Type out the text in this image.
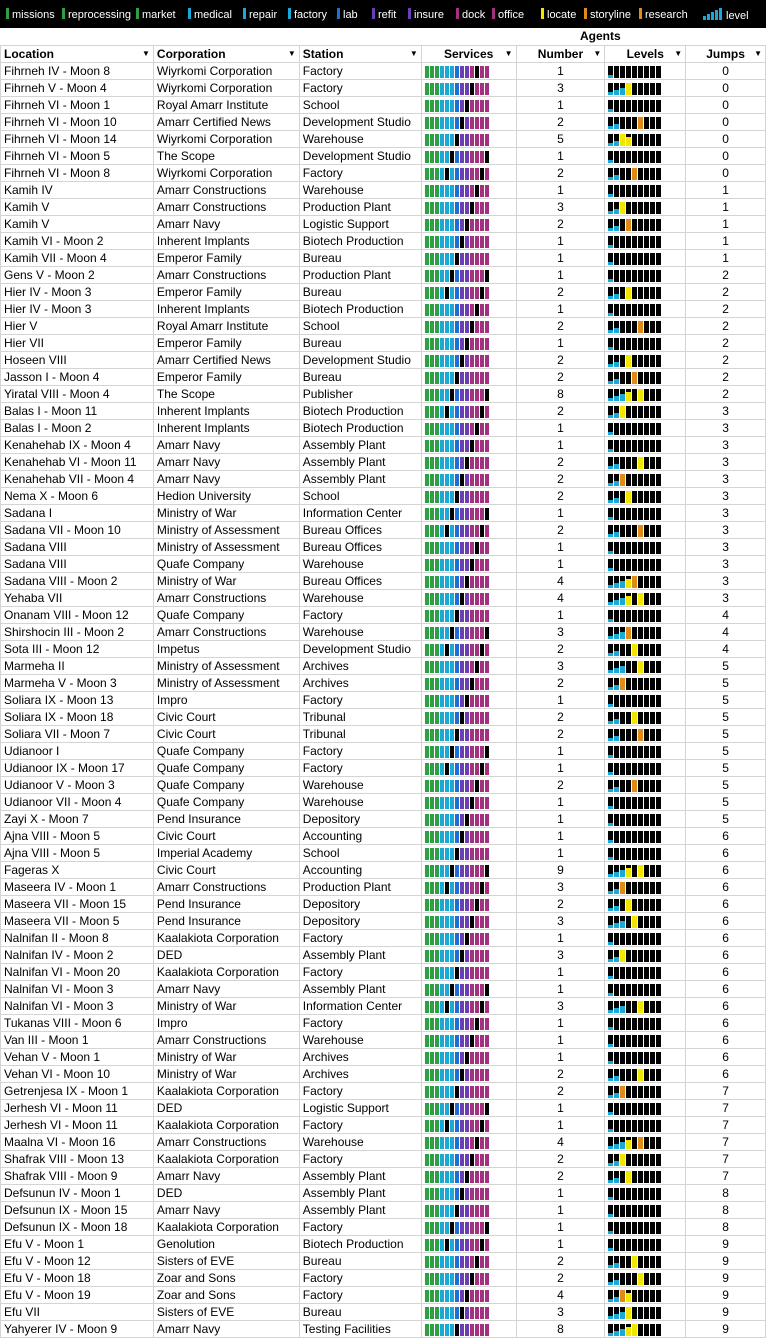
missions	reprocessing	market	medical	repair	factory	lab	refit	insure	dock	office	locate	storyline	research	level
Agents
Location ▼	Corporation ▼	Station ▼	Services ▼	Number ▼	Levels ▼	Jumps ▼

Fihrneh IV - Moon 8	Wiyrkomi Corporation	Factory		1		0
Fihrneh V - Moon 4	Wiyrkomi Corporation	Factory		3		0
Fihrneh VI - Moon 1	Royal Amarr Institute	School		1		0
Fihrneh VI - Moon 10	Amarr Certified News	Development Studio		2		0
Fihrneh VI - Moon 14	Wiyrkomi Corporation	Warehouse		5		0
Fihrneh VI - Moon 5	The Scope	Development Studio		1		0
Fihrneh VI - Moon 8	Wiyrkomi Corporation	Factory		2		0
Kamih IV	Amarr Constructions	Warehouse		1		1
Kamih V	Amarr Constructions	Production Plant		3		1
Kamih V	Amarr Navy	Logistic Support		2		1
Kamih VI - Moon 2	Inherent Implants	Biotech Production		1		1
Kamih VII - Moon 4	Emperor Family	Bureau		1		1
Gens V - Moon 2	Amarr Constructions	Production Plant		1		2
Hier IV - Moon 3	Emperor Family	Bureau		2		2
Hier IV - Moon 3	Inherent Implants	Biotech Production		1		2
Hier V	Royal Amarr Institute	School		2		2
Hier VII	Emperor Family	Bureau		1		2
Hoseen VIII	Amarr Certified News	Development Studio		2		2
Jasson I - Moon 4	Emperor Family	Bureau		2		2
Yiratal VIII - Moon 4	The Scope	Publisher		8		2
Balas I - Moon 11	Inherent Implants	Biotech Production		2		3
Balas I - Moon 2	Inherent Implants	Biotech Production		1		3
Kenahehab IX - Moon 4	Amarr Navy	Assembly Plant		1		3
Kenahehab VI - Moon 11	Amarr Navy	Assembly Plant		2		3
Kenahehab VII - Moon 4	Amarr Navy	Assembly Plant		2		3
Nema X - Moon 6	Hedion University	School		2		3
Sadana I	Ministry of War	Information Center		1		3
Sadana VII - Moon 10	Ministry of Assessment	Bureau Offices		2		3
Sadana VIII	Ministry of Assessment	Bureau Offices		1		3
Sadana VIII	Quafe Company	Warehouse		1		3
Sadana VIII - Moon 2	Ministry of War	Bureau Offices		4		3
Yehaba VII	Amarr Constructions	Warehouse		4		3
Onanam VIII - Moon 12	Quafe Company	Factory		1		4
Shirshocin III - Moon 2	Amarr Constructions	Warehouse		3		4
Sota III - Moon 12	Impetus	Development Studio		2		4
Marmeha II	Ministry of Assessment	Archives		3		5
Marmeha V - Moon 3	Ministry of Assessment	Archives		2		5
Soliara IX - Moon 13	Impro	Factory		1		5
Soliara IX - Moon 18	Civic Court	Tribunal		2		5
Soliara VII - Moon 7	Civic Court	Tribunal		2		5
Udianoor I	Quafe Company	Factory		1		5
Udianoor IX - Moon 17	Quafe Company	Factory		1		5
Udianoor V - Moon 3	Quafe Company	Warehouse		2		5
Udianoor VII - Moon 4	Quafe Company	Warehouse		1		5
Zayi X - Moon 7	Pend Insurance	Depository		1		5
Ajna VIII - Moon 5	Civic Court	Accounting		1		6
Ajna VIII - Moon 5	Imperial Academy	School		1		6
Fageras X	Civic Court	Accounting		9		6
Maseera IV - Moon 1	Amarr Constructions	Production Plant		3		6
Maseera VII - Moon 15	Pend Insurance	Depository		2		6
Maseera VII - Moon 5	Pend Insurance	Depository		3		6
Nalnifan II - Moon 8	Kaalakiota Corporation	Factory		1		6
Nalnifan IV - Moon 2	DED	Assembly Plant		3		6
Nalnifan VI - Moon 20	Kaalakiota Corporation	Factory		1		6
Nalnifan VI - Moon 3	Amarr Navy	Assembly Plant		1		6
Nalnifan VI - Moon 3	Ministry of War	Information Center		3		6
Tukanas VIII - Moon 6	Impro	Factory		1		6
Van III - Moon 1	Amarr Constructions	Warehouse		1		6
Vehan V - Moon 1	Ministry of War	Archives		1		6
Vehan VI - Moon 10	Ministry of War	Archives		2		6
Getrenjesa IX - Moon 1	Kaalakiota Corporation	Factory		2		7
Jerhesh VI - Moon 11	DED	Logistic Support		1		7
Jerhesh VI - Moon 11	Kaalakiota Corporation	Factory		1		7
Maalna VI - Moon 16	Amarr Constructions	Warehouse		4		7
Shafrak VIII - Moon 13	Kaalakiota Corporation	Factory		2		7
Shafrak VIII - Moon 9	Amarr Navy	Assembly Plant		2		7
Defsunun IV - Moon 1	DED	Assembly Plant		1		8
Defsunun IX - Moon 15	Amarr Navy	Assembly Plant		1		8
Defsunun IX - Moon 18	Kaalakiota Corporation	Factory		1		8
Efu V - Moon 1	Genolution	Biotech Production		1		9
Efu V - Moon 12	Sisters of EVE	Bureau		2		9
Efu V - Moon 18	Zoar and Sons	Factory		2		9
Efu V - Moon 19	Zoar and Sons	Factory		4		9
Efu VII	Sisters of EVE	Bureau		3		9
Yahyerer IV - Moon 9	Amarr Navy	Testing Facilities		8		9
